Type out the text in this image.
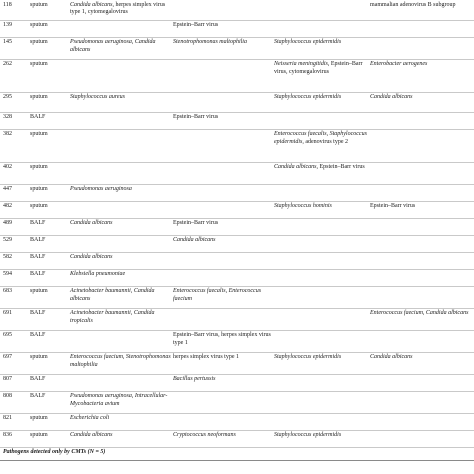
118	sputum	Candida albicans, herpes simplex virus type 1, cytomegalovirus			mammalian adenovirus B subgroup
139	sputum		Epstein–Barr virus		
145	sputum	Pseudomonas aeruginosa, Candida albicans	Stenotrophomonas maltophilia	Staphylococcus epidermidis	
262	sputum			Neisseria meningitidis, Epstein–Barr virus, cytomegalovirus	Enterobacter aerogenes
295	sputum	Staphylococcus aureus		Staphylococcus epidermidis	Candida albicans
328	BALF		Epstein–Barr virus		
382	sputum			Enterococcus faecalis, Staphylococcus epidermidis, adenovirus type 2	
402	sputum			Candida albicans, Epstein–Barr virus	
447	sputum	Pseudomonas aeruginosa			
482	sputum			Staphylococcus hominis	Epstein–Barr virus
489	BALF	Candida albicans	Epstein–Barr virus		
529	BALF		Candida albicans		
582	BALF	Candida albicans			
594	BALF	Klebsiella pneumoniae			
683	sputum	Acinetobacter baumannii, Candida albicans	Enterococcus faecalis, Enterococcus faecium		
691	BALF	Acinetobacter baumannii, Candida tropicalis			Enterococcus faecium, Candida albicans
695	BALF		Epstein–Barr virus, herpes simplex virus type 1		
697	sputum	Enterococcus faecium, Stenotrophomonas maltophilia	herpes simplex virus type 1	Staphylococcus epidermidis	Candida albicans
807	BALF		Bacillus pertussis		
808	BALF	Pseudomonas aeruginosa, Intracellular-Mycobacteria avium			
821	sputum	Escherichia coli			
836	sputum	Candida albicans	Cryptococcus neoformans	Staphylococcus epidermidis	
Pathogens detected only by CMTs (N = 5)					
